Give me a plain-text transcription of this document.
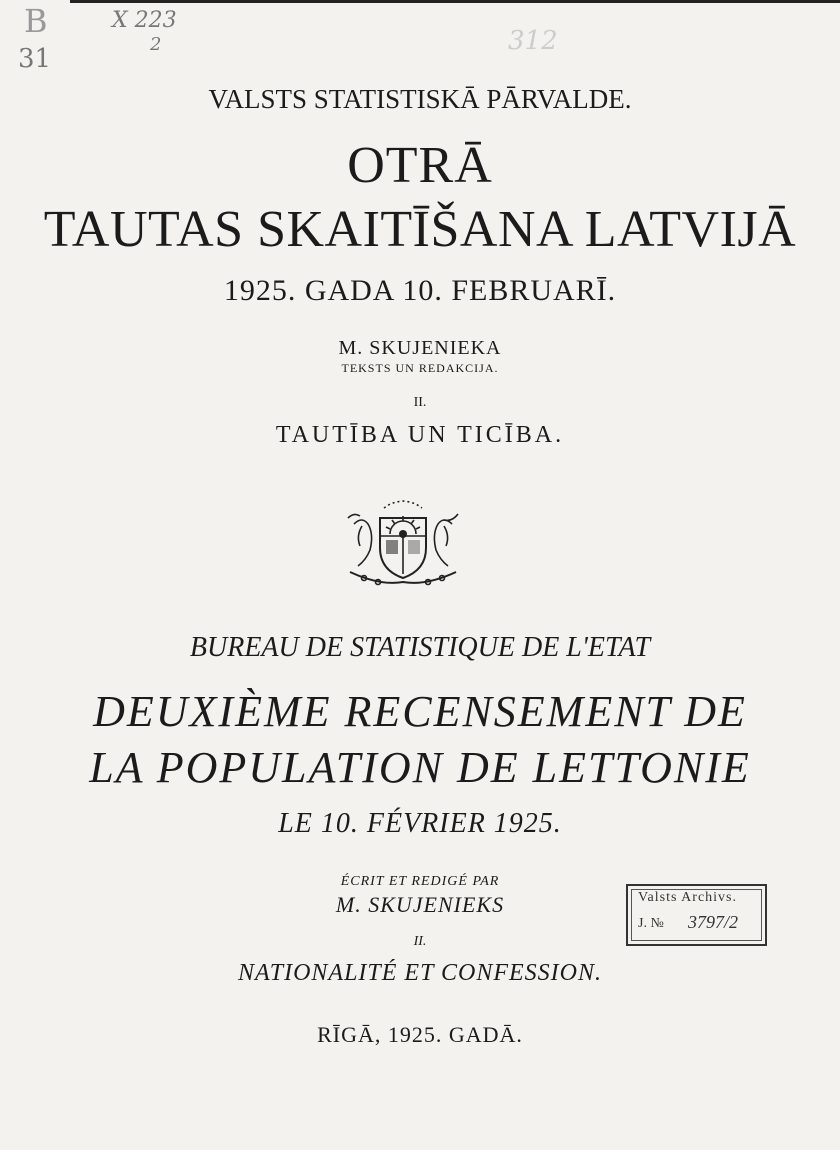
B
31
X 223
2	312
VALSTS STATISTISKĀ PĀRVALDE.
OTRĀ
TAUTAS SKAITĪŠANA LATVIJĀ
1925. GADA 10. FEBRUARĪ.
M. SKUJENIEKA
TEKSTS UN REDAKCIJA.
II.
TAUTĪBA UN TICĪBA.
BUREAU DE STATISTIQUE DE L'ETAT
DEUXIÈME RECENSEMENT DE
LA POPULATION DE LETTONIE
LE 10. FÉVRIER 1925.
ÉCRIT ET REDIGÉ PAR
M. SKUJENIEKS
II.
NATIONALITÉ ET CONFESSION.
RĪGĀ, 1925. GADĀ.
Valsts Archivs.
J. № 3797/2
